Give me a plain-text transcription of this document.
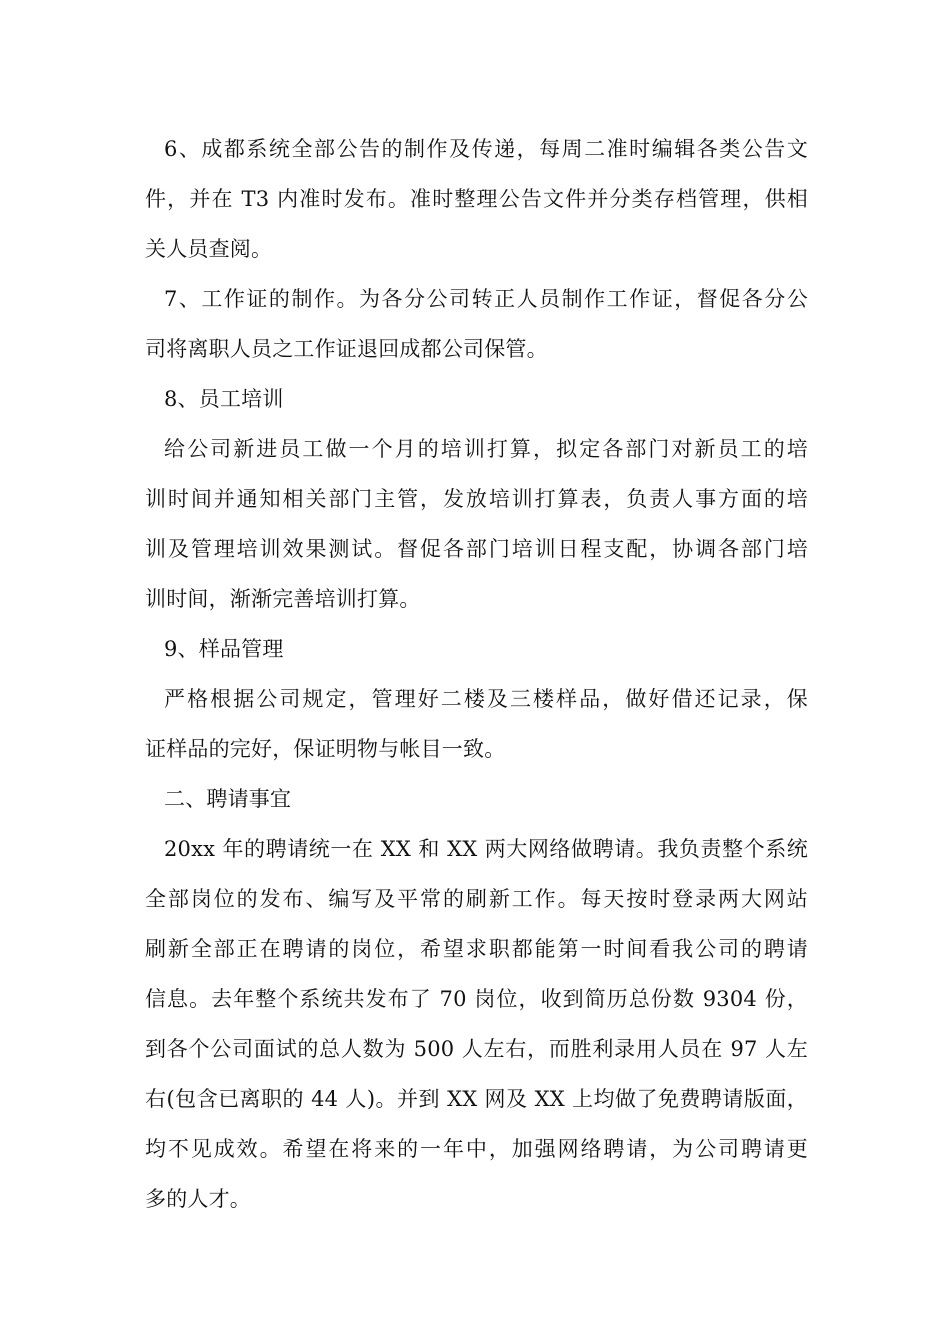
6、成都系统全部公告的制作及传递，每周二准时编辑各类公告文
件，并在 T3 内准时发布。准时整理公告文件并分类存档管理，供相
关人员查阅。
7、工作证的制作。为各分公司转正人员制作工作证，督促各分公
司将离职人员之工作证退回成都公司保管。
8、员工培训
给公司新进员工做一个月的培训打算，拟定各部门对新员工的培
训时间并通知相关部门主管，发放培训打算表，负责人事方面的培
训及管理培训效果测试。督促各部门培训日程支配，协调各部门培
训时间，渐渐完善培训打算。
9、样品管理
严格根据公司规定，管理好二楼及三楼样品，做好借还记录，保
证样品的完好，保证明物与帐目一致。
二、聘请事宜
20xx 年的聘请统一在 XX 和 XX 两大网络做聘请。我负责整个系统
全部岗位的发布、编写及平常的刷新工作。每天按时登录两大网站
刷新全部正在聘请的岗位，希望求职都能第一时间看我公司的聘请
信息。去年整个系统共发布了 70 岗位，收到简历总份数 9304 份，
到各个公司面试的总人数为 500 人左右，而胜利录用人员在 97 人左
右(包含已离职的 44 人)。并到 XX 网及 XX 上均做了免费聘请版面，
均不见成效。希望在将来的一年中，加强网络聘请，为公司聘请更
多的人才。
